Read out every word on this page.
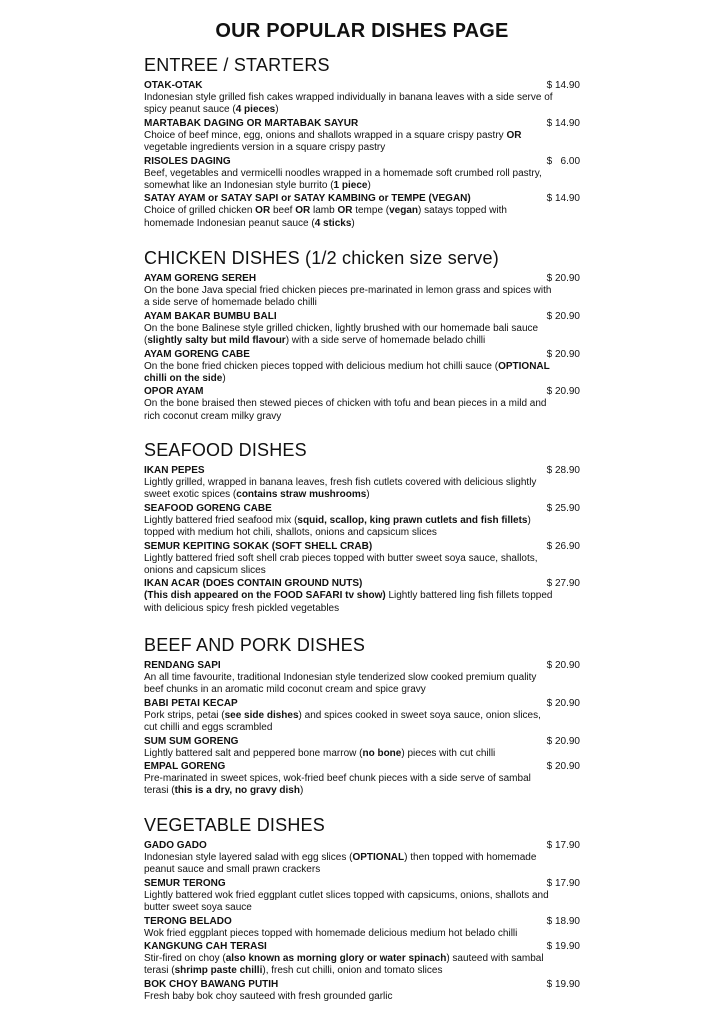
OUR POPULAR DISHES PAGE
ENTREE / STARTERS
OTAK-OTAK	$ 14.90
Indonesian style grilled fish cakes wrapped individually in banana leaves with a side serve of spicy peanut sauce (4 pieces)
MARTABAK DAGING OR MARTABAK SAYUR	$ 14.90
Choice of beef mince, egg, onions and shallots wrapped in a square crispy pastry OR vegetable ingredients version in a square crispy pastry
RISOLES DAGING	$   6.00
Beef, vegetables and vermicelli noodles wrapped in a homemade soft crumbed roll pastry, somewhat like an Indonesian style burrito (1 piece)
SATAY AYAM or SATAY SAPI or SATAY KAMBING or TEMPE (VEGAN)	$ 14.90
Choice of grilled chicken OR beef OR lamb OR tempe (vegan) satays topped with homemade Indonesian peanut sauce (4 sticks)
CHICKEN DISHES (1/2 chicken size serve)
AYAM GORENG SEREH	$ 20.90
On the bone Java special fried chicken pieces pre-marinated in lemon grass and spices with a side serve of homemade belado chilli
AYAM BAKAR BUMBU BALI	$ 20.90
On the bone Balinese style grilled chicken, lightly brushed with our homemade bali sauce (slightly salty but mild flavour) with a side serve of homemade belado chilli
AYAM GORENG CABE	$ 20.90
On the bone fried chicken pieces topped with delicious medium hot chilli sauce (OPTIONAL chilli on the side)
OPOR AYAM	$ 20.90
On the bone braised then stewed pieces of chicken with tofu and bean pieces in a mild and rich coconut cream milky gravy
SEAFOOD DISHES
IKAN PEPES	$ 28.90
Lightly grilled, wrapped in banana leaves, fresh fish cutlets covered with delicious slightly sweet exotic spices (contains straw mushrooms)
SEAFOOD GORENG CABE	$ 25.90
Lightly battered fried seafood mix (squid, scallop, king prawn cutlets and fish fillets) topped with medium hot chili, shallots, onions and capsicum slices
SEMUR KEPITING SOKAK (SOFT SHELL CRAB)	$ 26.90
Lightly battered fried soft shell crab pieces topped with butter sweet soya sauce, shallots, onions and capsicum slices
IKAN ACAR (DOES CONTAIN GROUND NUTS)	$ 27.90
(This dish appeared on the FOOD SAFARI tv show) Lightly battered ling fish fillets topped with delicious spicy fresh pickled vegetables
BEEF AND PORK DISHES
RENDANG SAPI	$ 20.90
An all time favourite, traditional Indonesian style tenderized slow cooked premium quality beef chunks in an aromatic mild coconut cream and spice gravy
BABI PETAI KECAP	$ 20.90
Pork strips, petai (see side dishes) and spices cooked in sweet soya sauce, onion slices, cut chilli and eggs scrambled
SUM SUM GORENG	$ 20.90
Lightly battered salt and peppered bone marrow (no bone) pieces with cut chilli
EMPAL GORENG	$ 20.90
Pre-marinated in sweet spices, wok-fried beef chunk pieces with a side serve of sambal terasi (this is a dry, no gravy dish)
VEGETABLE DISHES
GADO GADO	$ 17.90
Indonesian style layered salad with egg slices (OPTIONAL) then topped with homemade peanut sauce and small prawn crackers
SEMUR TERONG	$ 17.90
Lightly battered wok fried eggplant cutlet slices topped with capsicums, onions, shallots and butter sweet soya sauce
TERONG BELADO	$ 18.90
Wok fried eggplant pieces topped with homemade delicious medium hot belado chilli
KANGKUNG CAH TERASI	$ 19.90
Stir-fired on choy (also known as morning glory or water spinach) sauteed with sambal terasi (shrimp paste chilli), fresh cut chilli, onion and tomato slices
BOK CHOY BAWANG PUTIH	$ 19.90
Fresh baby bok choy sauteed with fresh grounded garlic
